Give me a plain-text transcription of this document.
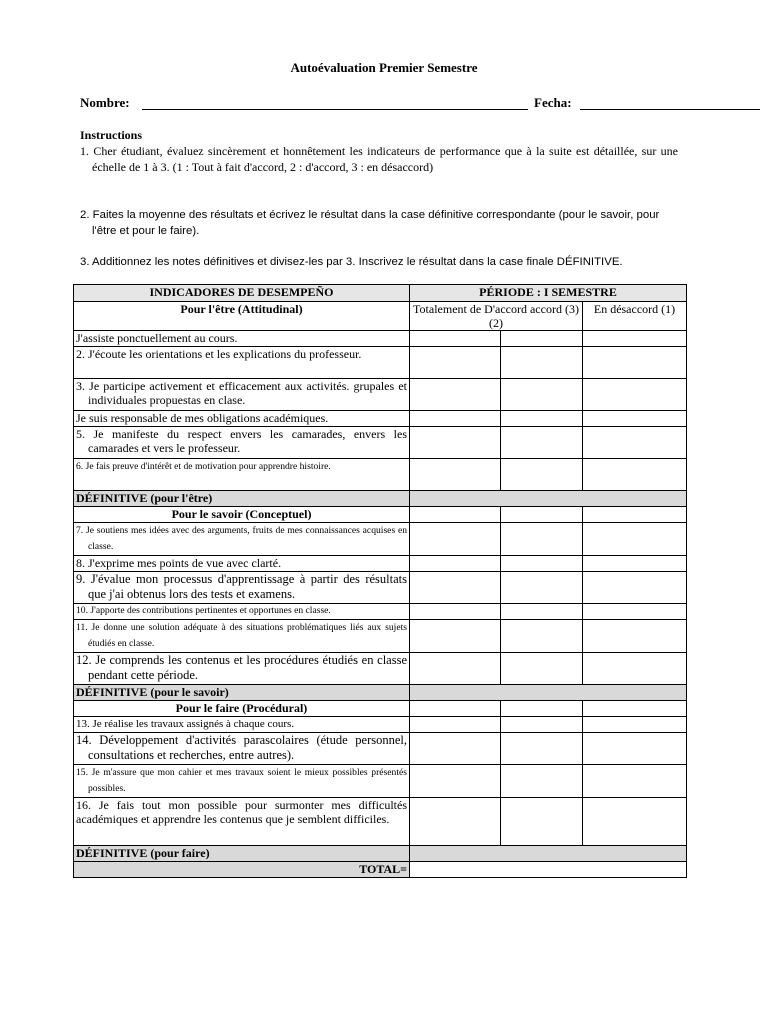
Autoévaluation Premier Semestre
Nombre:	Fecha:
Instructions
1. Cher étudiant, évaluez sincèrement et honnêtement les indicateurs de performance que à la suite est détaillée, sur une échelle de 1 à 3. (1 : Tout à fait d'accord, 2 : d'accord, 3 : en désaccord)
2. Faites la moyenne des résultats et écrivez le résultat dans la case définitive correspondante (pour le savoir, pour l'être et pour le faire).
3. Additionnez les notes définitives et divisez-les par 3. Inscrivez le résultat dans la case finale DÉFINITIVE.
INDICADORES DE DESEMPEÑO	PÉRIODE : I SEMESTRE		
Pour l'être (Attitudinal)	Totalement de D'accord accord (3) (2)		En désaccord (1)
J'assiste ponctuellement au cours.			

2. J'écoute les orientations et les explications du professeur.			

3. Je participe activement et efficacement aux activités. grupales et individuales propuestas en clase.			

Je suis responsable de mes obligations académiques.			

5. Je manifeste du respect envers les camarades, envers les camarades et vers le professeur.			

6. Je fais preuve d'intérêt et de motivation pour apprendre histoire.			

DÉFINITIVE (pour l'être)			
Pour le savoir (Conceptuel)			

7. Je soutiens mes idées avec des arguments, fruits de mes connaissances acquises en classe.			

8. J'exprime mes points de vue avec clarté.			

9. J'évalue mon processus d'apprentissage à partir des résultats que j'ai obtenus lors des tests et examens.			

10. J'apporte des contributions pertinentes et opportunes en classe.			

11. Je donne une solution adéquate à des situations problématiques liés aux sujets étudiés en classe.			

12. Je comprends les contenus et les procédures étudiés en classe pendant cette période.			

DÉFINITIVE (pour le savoir)			
Pour le faire (Procédural)			
13. Je réalise les travaux assignés à chaque cours.			

14. Développement d'activités parascolaires (étude personnel, consultations et recherches, entre autres).			

15. Je m'assure que mon cahier et mes travaux soient le mieux possibles présentés possibles.			

16. Je fais tout mon possible pour surmonter mes difficultés académiques et apprendre les contenus que je semblent difficiles.			
DÉFINITIVE (pour faire)			
TOTAL=			
